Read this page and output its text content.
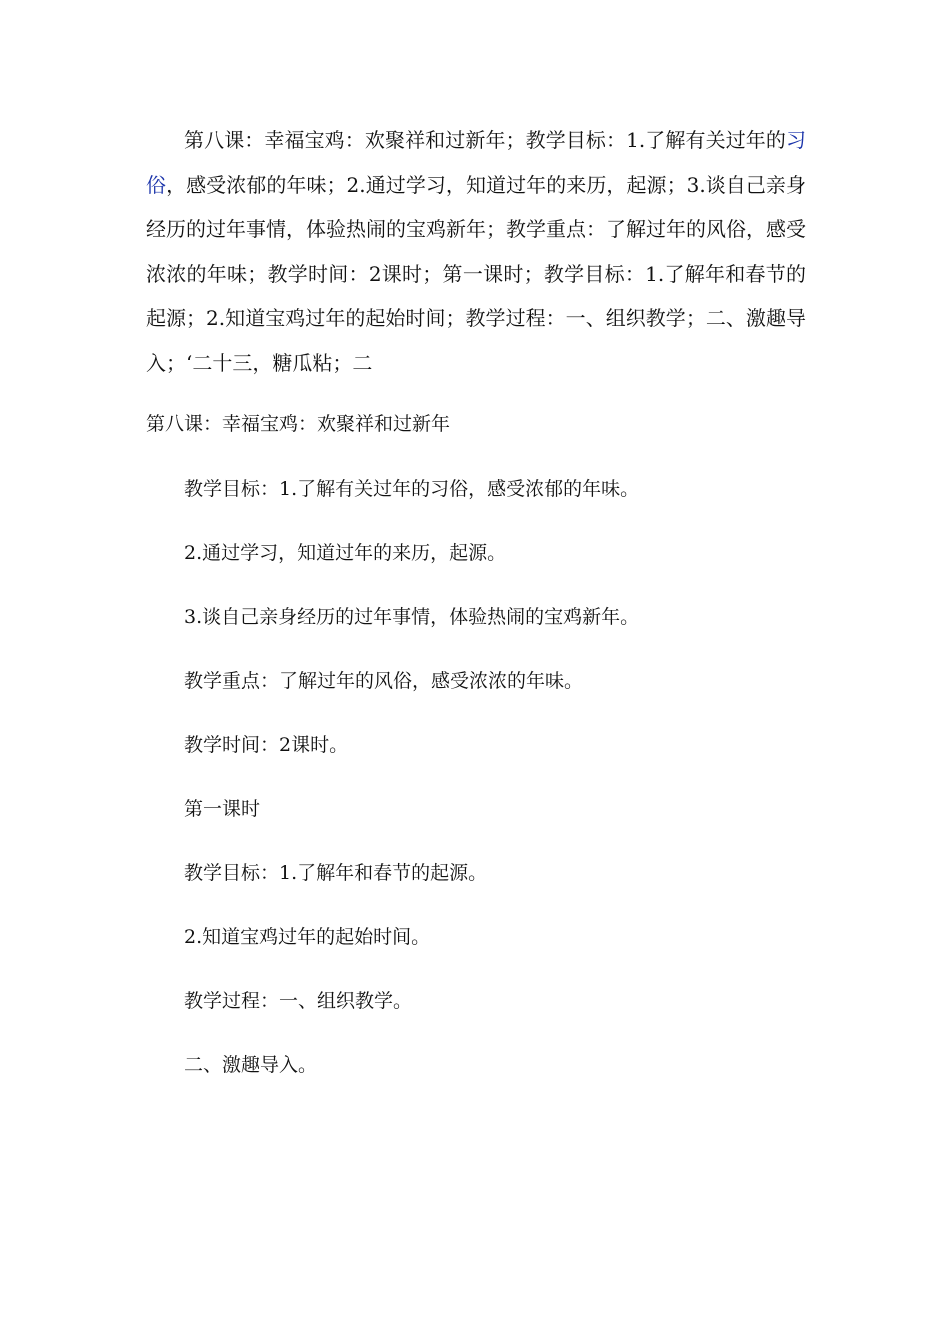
第八课：幸福宝鸡：欢聚祥和过新年；教学目标：1.了解有关过年的习俗，感受浓郁的年味；2.通过学习，知道过年的来历，起源；3.谈自己亲身经历的过年事情，体验热闹的宝鸡新年；教学重点：了解过年的风俗，感受浓浓的年味；教学时间：2课时；第一课时；教学目标：1.了解年和春节的起源；2.知道宝鸡过年的起始时间；教学过程：一、组织教学；二、激趣导入；‘二十三，糖瓜粘；二

第八课：幸福宝鸡：欢聚祥和过新年

教学目标：1.了解有关过年的习俗，感受浓郁的年味。

2.通过学习，知道过年的来历，起源。

3.谈自己亲身经历的过年事情，体验热闹的宝鸡新年。

教学重点：了解过年的风俗，感受浓浓的年味。

教学时间：2课时。

第一课时

教学目标：1.了解年和春节的起源。

2.知道宝鸡过年的起始时间。

教学过程：一、组织教学。

二、激趣导入。
